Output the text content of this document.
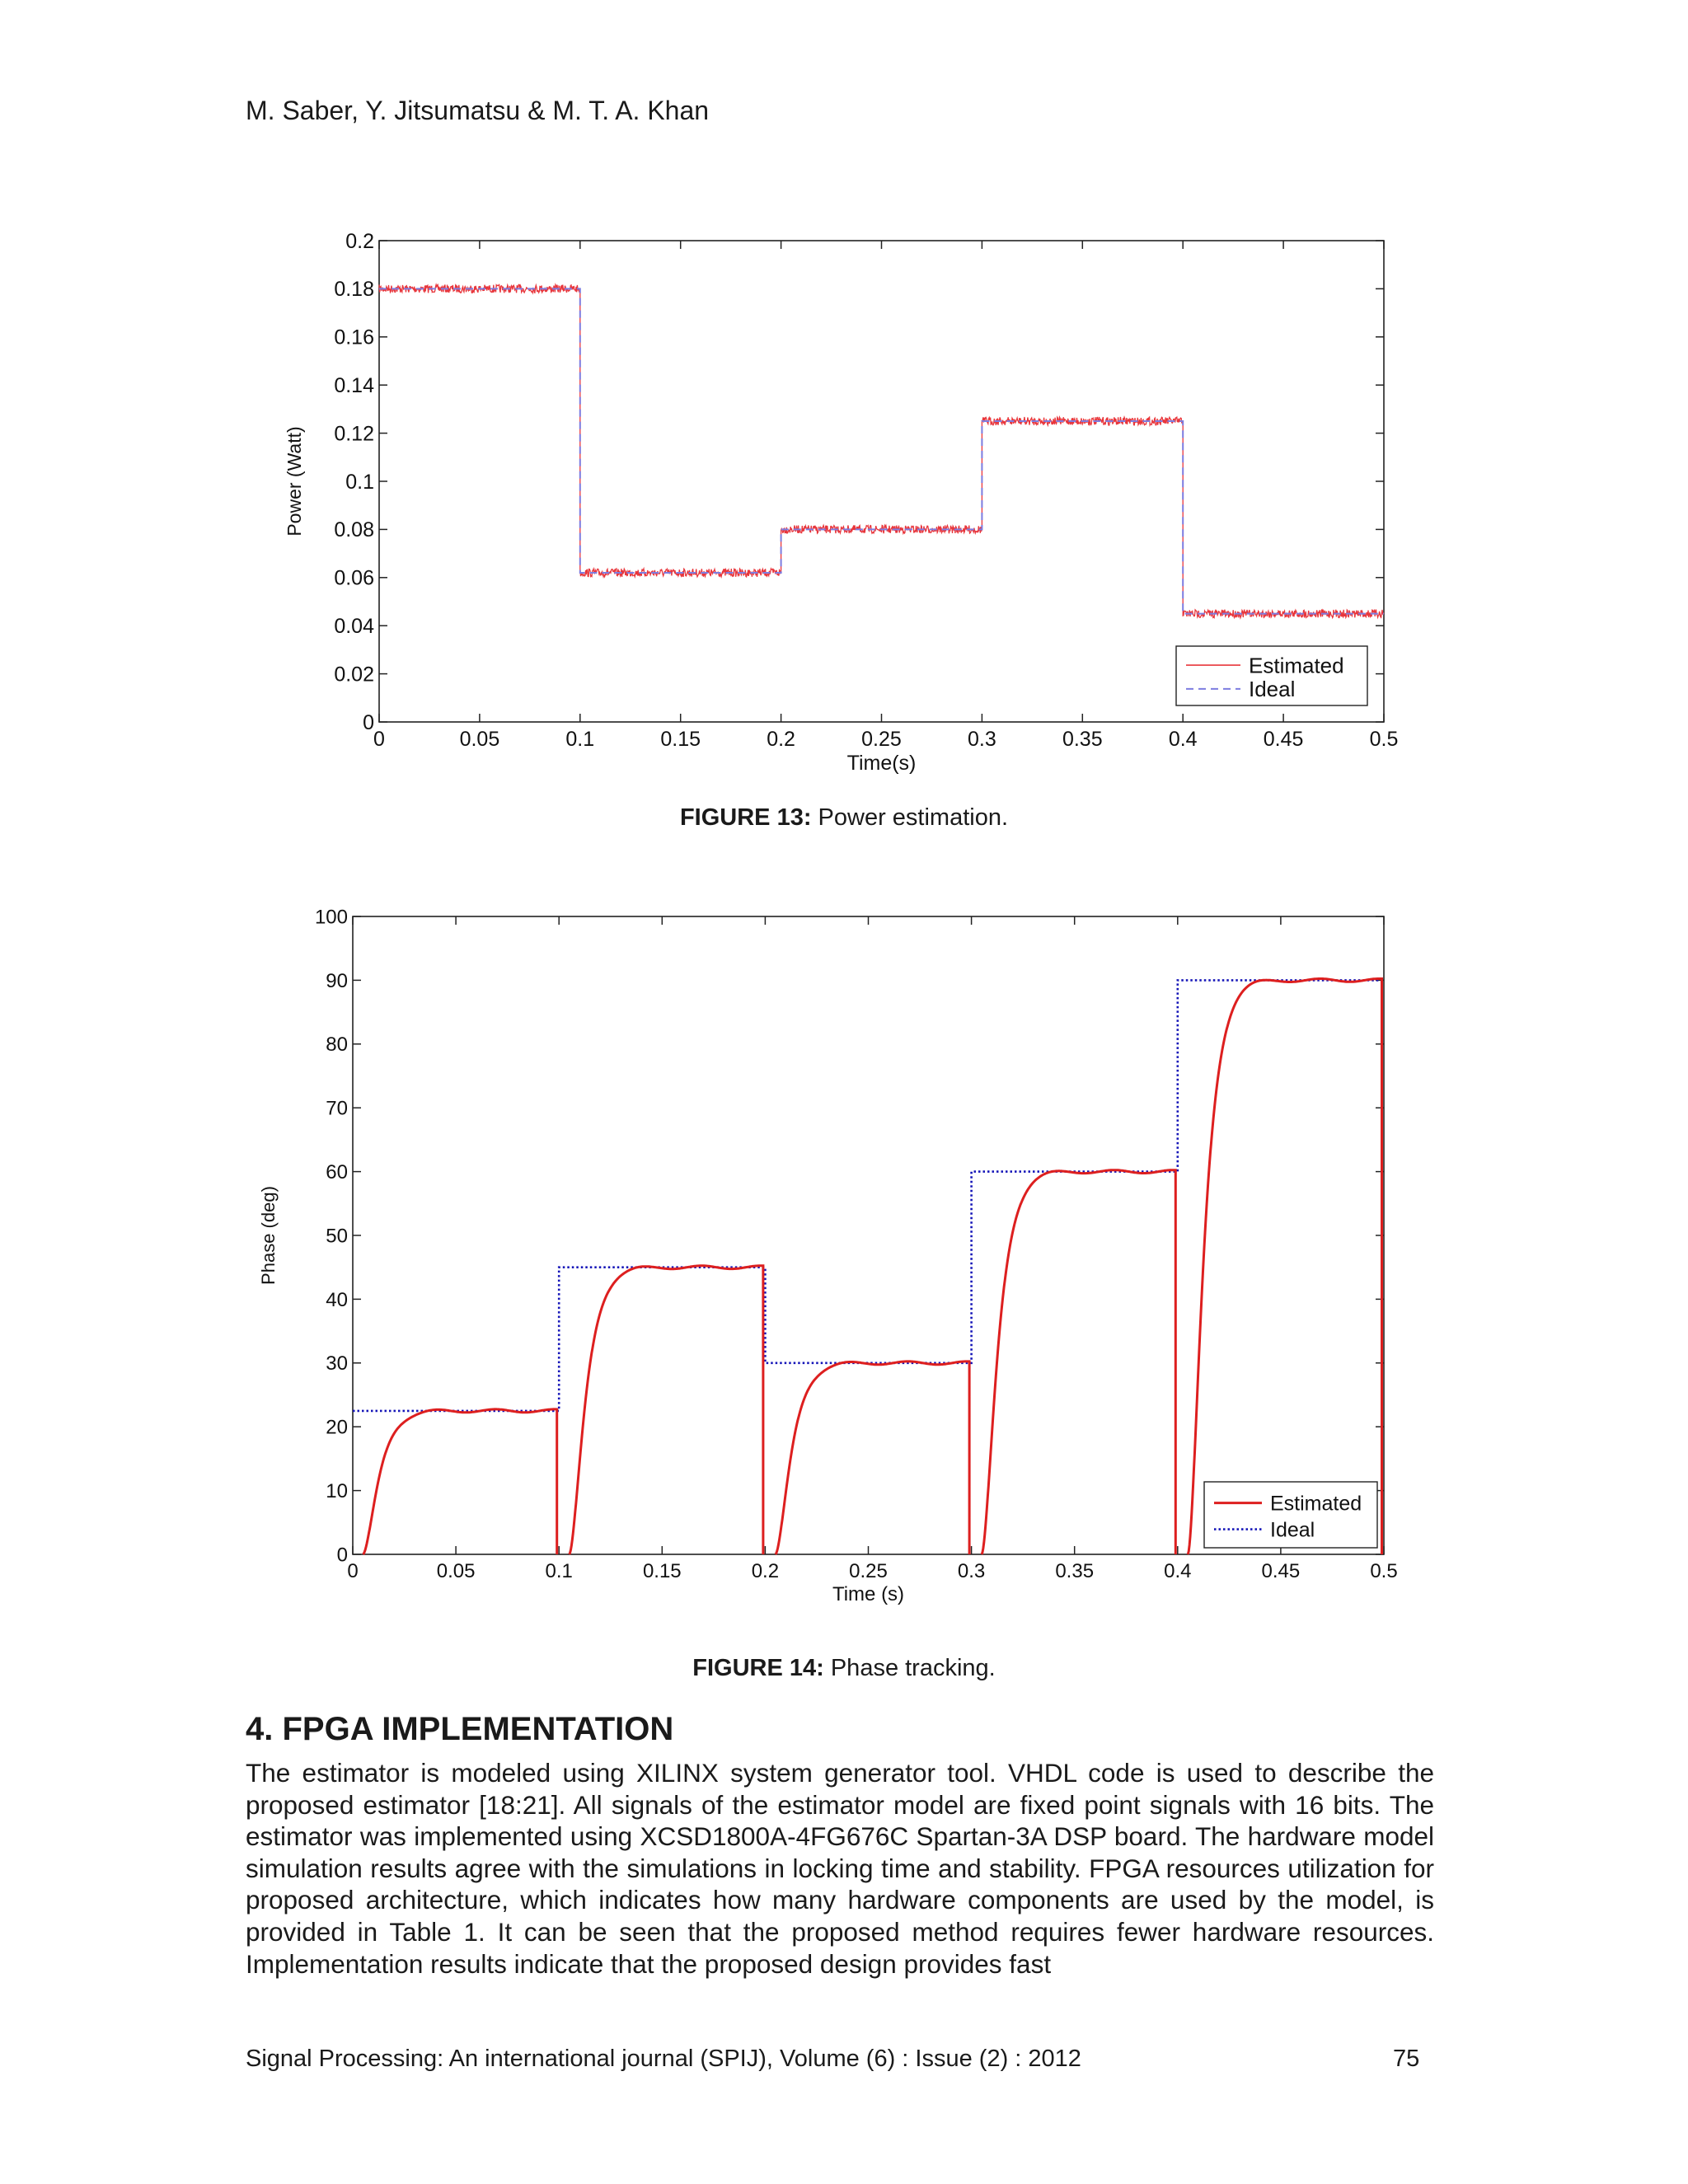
M. Saber, Y. Jitsumatsu & M. T. A. Khan
0	0.05	0.1	0.15	0.2	0.25	0.3	0.35	0.4	0.45	0.5
0
0.02
0.04
0.06
0.08
0.1
0.12
0.14
0.16
0.18
0.2
Time(s)
Power (Watt)
Estimated
Ideal
FIGURE 13: Power estimation.
0	0.05	0.1	0.15	0.2	0.25	0.3	0.35	0.4	0.45	0.5
0
10
20
30
40
50
60
70
80
90
100
Time (s)
Phase (deg)
Estimated
Ideal
FIGURE 14: Phase tracking.
4. FPGA IMPLEMENTATION

The estimator is modeled using XILINX system generator tool. VHDL code is used to describe the proposed estimator [18:21]. All signals of the estimator model are fixed point signals with 16 bits. The estimator was implemented using XCSD1800A-4FG676C Spartan-3A DSP board. The hardware model simulation results agree with the simulations in locking time and stability. FPGA resources utilization for proposed architecture, which indicates how many hardware components are used by the model, is provided in Table 1. It can be seen that the proposed method requires fewer hardware resources. Implementation results indicate that the proposed design provides fast

Signal Processing: An international journal (SPIJ), Volume (6) : Issue (2) : 2012	75
